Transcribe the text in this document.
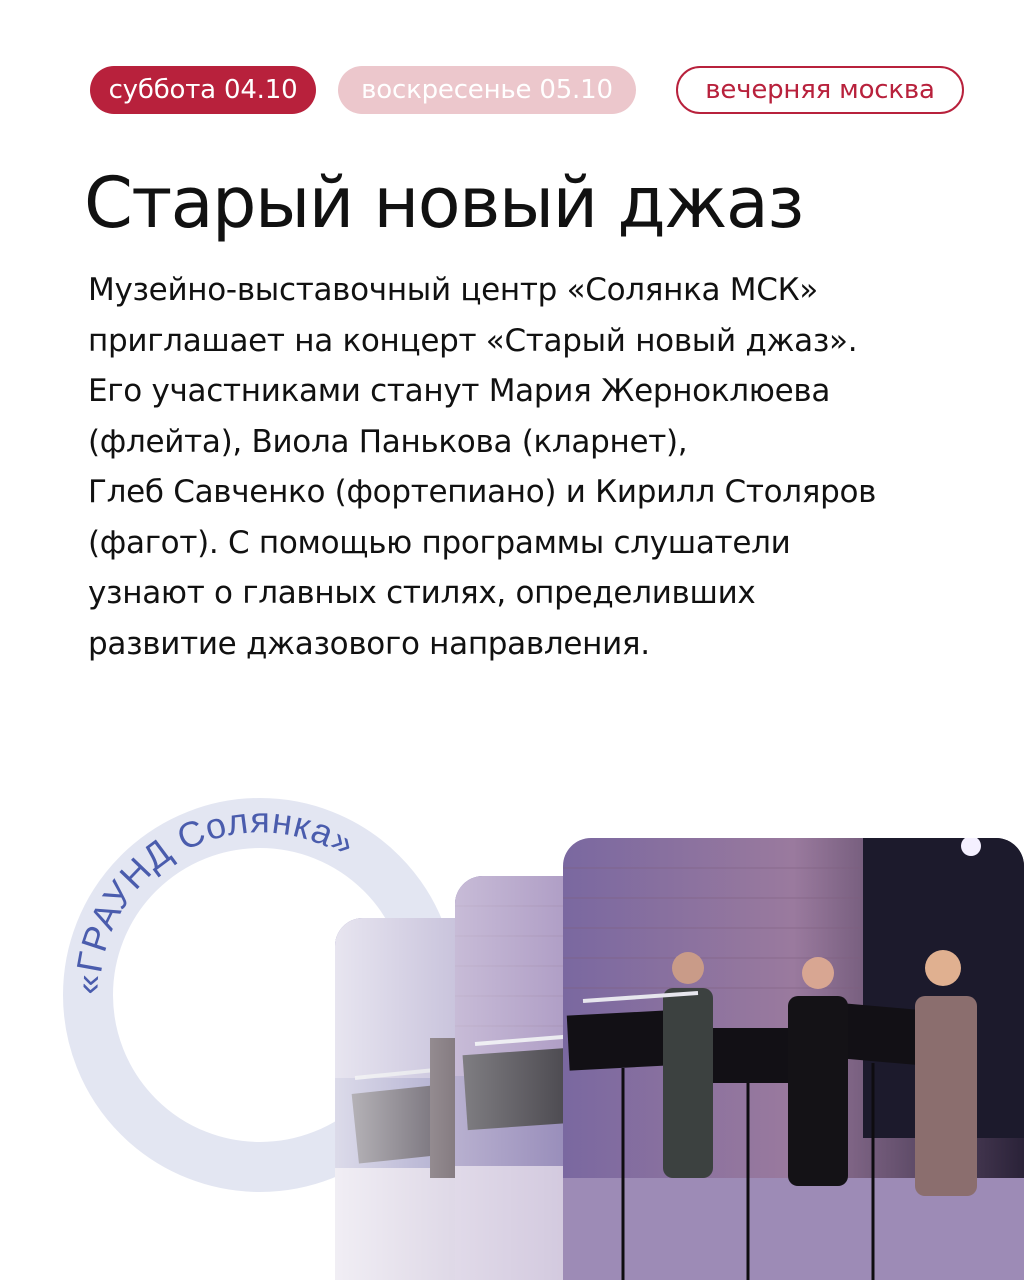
суббота 04.10 воскресенье 05.10	вечерняя москва
Старый новый джаз
Музейно-выставочный центр «Солянка МСК»
приглашает на концерт «Старый новый джаз».
Его участниками станут Мария Жерноклюева
(флейта), Виола Панькова (кларнет),
Глеб Савченко (фортепиано) и Кирилл Столяров
(фагот). С помощью программы слушатели
узнают о главных стилях, определивших
развитие джазового направления.
«ГРАУНД Солянка»
